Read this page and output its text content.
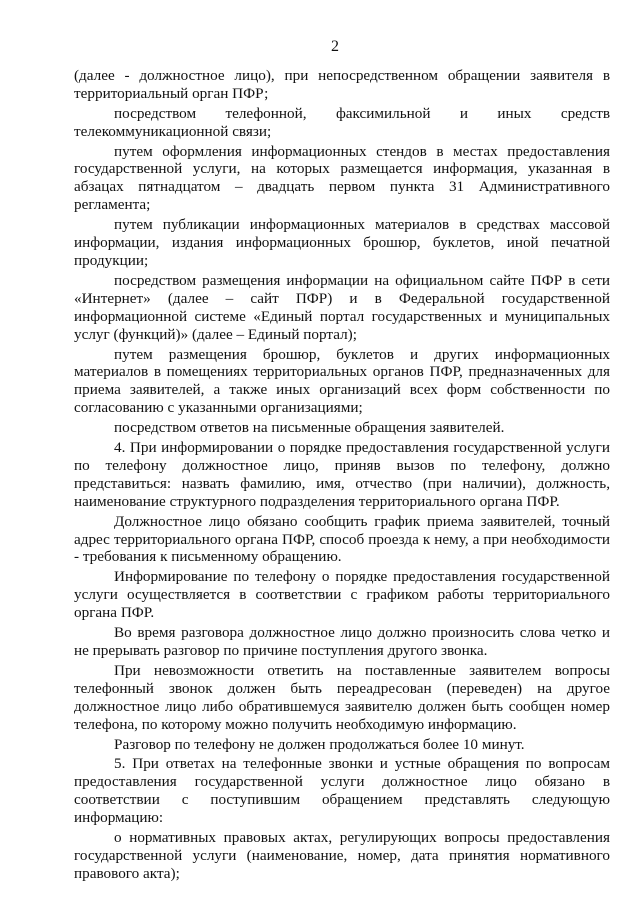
2

(далее - должностное лицо), при непосредственном обращении заявителя в территориальный орган ПФР;

посредством телефонной, факсимильной и иных средств телекоммуникационной связи;

путем оформления информационных стендов в местах предоставления государственной услуги, на которых размещается информация, указанная в абзацах пятнадцатом – двадцать первом пункта 31 Административного регламента;

путем публикации информационных материалов в средствах массовой информации, издания информационных брошюр, буклетов, иной печатной продукции;

посредством размещения информации на официальном сайте ПФР в сети «Интернет» (далее – сайт ПФР) и в Федеральной государственной информационной системе «Единый портал государственных и муниципальных услуг (функций)» (далее – Единый портал);

путем размещения брошюр, буклетов и других информационных материалов в помещениях территориальных органов ПФР, предназначенных для приема заявителей, а также иных организаций всех форм собственности по согласованию с указанными организациями;

посредством ответов на письменные обращения заявителей.

4. При информировании о порядке предоставления государственной услуги по телефону должностное лицо, приняв вызов по телефону, должно представиться: назвать фамилию, имя, отчество (при наличии), должность, наименование структурного подразделения территориального органа ПФР.

Должностное лицо обязано сообщить график приема заявителей, точный адрес территориального органа ПФР, способ проезда к нему, а при необходимости - требования к письменному обращению.

Информирование по телефону о порядке предоставления государственной услуги осуществляется в соответствии с графиком работы территориального органа ПФР.

Во время разговора должностное лицо должно произносить слова четко и не прерывать разговор по причине поступления другого звонка.

При невозможности ответить на поставленные заявителем вопросы телефонный звонок должен быть переадресован (переведен) на другое должностное лицо либо обратившемуся заявителю должен быть сообщен номер телефона, по которому можно получить необходимую информацию.

Разговор по телефону не должен продолжаться более 10 минут.

5. При ответах на телефонные звонки и устные обращения по вопросам предоставления государственной услуги должностное лицо обязано в соответствии с поступившим обращением представлять следующую информацию:

о нормативных правовых актах, регулирующих вопросы предоставления государственной услуги (наименование, номер, дата принятия нормативного правового акта);
